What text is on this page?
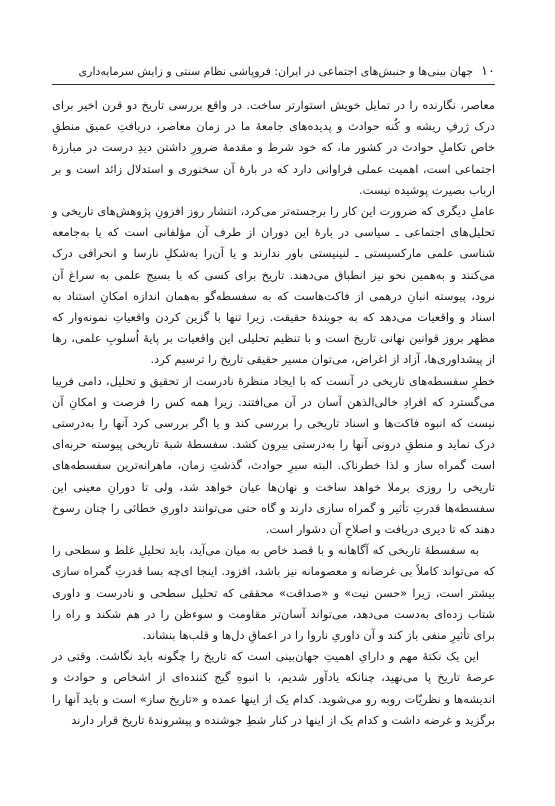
۱۰
جهان بینی‌ها و جنبش‌های اجتماعی در ایران: فروپاشی نظام سنتی و زایش سرمایه‌داری

معاصر، نگارنده را در تمایل خویش استوارتر ساخت. در واقع بررسی تاریخ دو قرن اخیر برای درک ژرفِ ریشه و کُنه حوادث و پدیده‌های جامعه‌ٔ ما در زمان معاصر، دریافتِ عمیق منطقِ خاص تکاملِ حوادث در کشور ما، که خود شرط و مقدمه‌ٔ ضرورِ داشتن دیدِ درست در مبارزهٔ اجتماعی است، اهمیت عملی فراوانی دارد که در بارهٔ آن سخنوری و استدلال زائد است و بر ارباب بصیرت پوشیده نیست.

عاملِ دیگری که ضرورت این کار را برجسته‌تر می‌کرد، انتشار روز افزونِ پژوهش‌های تاریخی و تحلیل‌های اجتماعی ـ سیاسی در بارهٔ این دوران از طرف آن مؤلفانی است که یا به‌جامعه شناسی علمی مارکسیستی ـ لنینیستی باور ندارند و یا آن‌را به‌شکلِ نارسا و انحرافی درک می‌کنند و به‌همین نحو نیز انطباق می‌دهند. تاریخ برای کسی که با بسیج علمی به سراغ آن نرود، پیوسته انبانِ درهمی از فاکت‌هاست که به سفسطه‌گو به‌همان اندازه امکانِ استناد به اسناد و واقعیات می‌دهد که به جوینده‌ٔ حقیقت. زیرا تنها با گزین کردن واقعیاتِ نمونه‌وار که مظهر بروز قوانین نهانی تاریخ است و با تنظیم تحلیلی این واقعیات بر پایهٔ اُسلوبِ علمی، رها از پیشداوری‌ها، آزاد از اغراض، می‌توان مسیر حقیقی تاریخ را ترسیم کرد.

خطرِ سفسطه‌های تاریخی در آنست که با ایجاد منظرهٔ نادرست از تحقیق و تحلیل، دامی فریبا می‌گسترد که افرادِ خالی‌الذهن آسان در آن می‌افتند. زیرا همه کس را فرصت و امکانِ آن نیست که انبوه فاکت‌ها و اسناد تاریخی را بررسی کند و یا اگر بررسی کرد آنها را به‌درستی درک نماید و منطقِ درونی آنها را به‌درستی بیرون کشد. سفسطهٔ شبهٔ تاریخی پیوسته حربه‌ای است گمراه ساز و لذا خطرناک. البته سیرِ حوادث، گذشتِ زمان، ماهرانه‌ترین سفسطه‌های تاریخی را روزی برملا خواهد ساخت و نهان‌ها عیان خواهد شد، ولی تا دورانِ معینی این سفسطه‌ها قدرتِ تأثیر و گمراه سازی دارند و گاه حتی می‌توانند داوریِ خطائی را چنان رسوخ دهند که تا دیری دریافت و اصلاحِ آن دشوار است.

به سفسطهٔ تاریخی که آگاهانه و با قصد خاص به میان می‌آید، باید تحلیلِ غلط و سطحی را که می‌تواند کاملاً بی غرضانه و معصومانه نیز باشد، افزود. اینجا ای‌چه بسا قدرتِ گمراه سازی بیشتر است، زیرا «حسن نیت» و «صداقت» محققی که تحلیل سطحی و نادرست و داوری شتاب زده‌ای به‌دست می‌دهد، می‌تواند آسان‌تر مقاومت و سوءظن را در هم شکند و راه را برای تأثیرِ منفی باز کند و آن داوریِ ناروا را در اعماقِ دل‌ها و قلب‌ها بنشاند.

این یک نکتهٔ مهم و دارایِ اهمیتِ جهان‌بینی است که تاریخ را چگونه باید نگاشت. وقتی در عرصهٔ تاریخ پا می‌نهید، چنانکه یادآور شدیم، با انبوهِ گیج کننده‌ای از اشخاص و حوادث و اندیشه‌ها و نظریّات روبه رو می‌شوید. کدام یک از اینها عمده و «تاریخ ساز» است و باید آنها را برگزید و غرضه داشت و کدام یک از اینها در کنار شطِ جوشنده و پیشروندهٔ تاریخ قرار دارند
